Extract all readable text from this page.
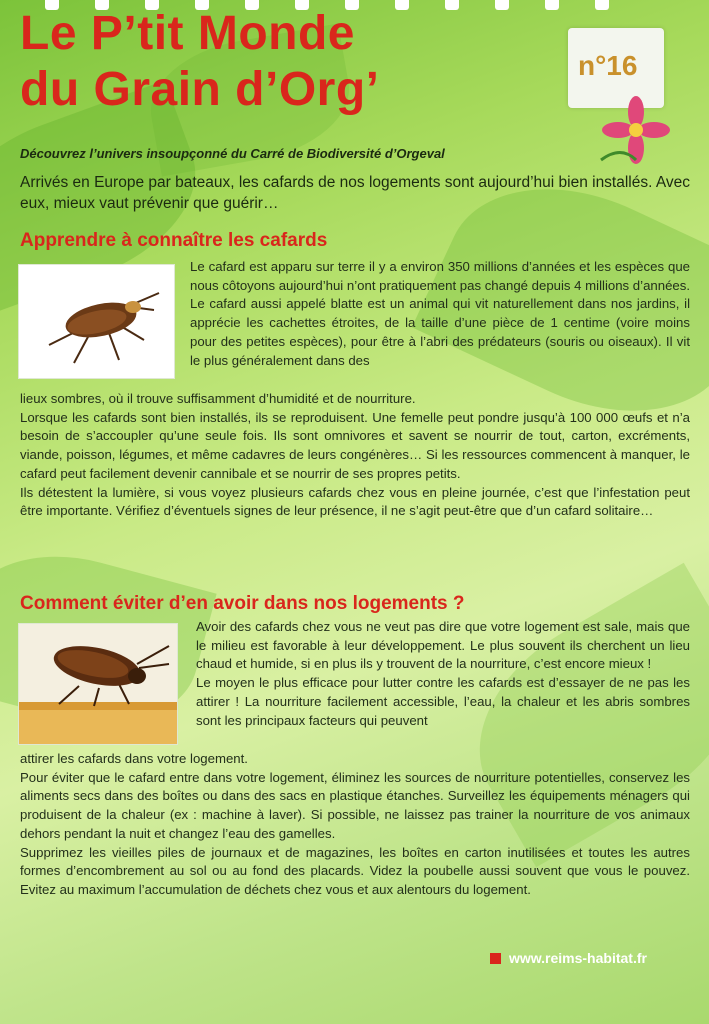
Le P’tit Monde
du Grain d’Org’	n°16
Découvrez l’univers insoupçonné du Carré de Biodiversité d’Orgeval
Arrivés en Europe par bateaux, les cafards de nos logements sont aujourd’hui bien installés. Avec eux, mieux vaut prévenir que guérir…
Apprendre à connaître les cafards

Le cafard est apparu sur terre il y a environ 350 millions d’années et les espèces que nous côtoyons aujourd’hui n’ont pratiquement pas changé depuis 4 millions d’années.

Le cafard aussi appelé blatte est un animal qui vit naturellement dans nos jardins, il apprécie les cachettes étroites, de la taille d’une pièce de 1 centime (voire moins pour des petites espèces), pour être à l’abri des prédateurs (souris ou oiseaux). Il vit le plus généralement dans des

lieux sombres, où il trouve suffisamment d’humidité et de nourriture.

Lorsque les cafards sont bien installés, ils se reproduisent. Une femelle peut pondre jusqu’à 100 000 œufs et n’a besoin de s’accoupler qu’une seule fois. Ils sont omnivores et savent se nourrir de tout, carton, excréments, viande, poisson, légumes, et même cadavres de leurs congénères… Si les ressources commencent à manquer, le cafard peut facilement devenir cannibale et se nourrir de ses propres petits.

Ils détestent la lumière, si vous voyez plusieurs cafards chez vous en pleine journée, c’est que l’infestation peut être importante. Vérifiez d’éventuels signes de leur présence, il ne s’agit peut-être que d’un cafard solitaire…

Comment éviter d’en avoir dans nos logements ?

Avoir des cafards chez vous ne veut pas dire que votre logement est sale, mais que le milieu est favorable à leur développement. Le plus souvent ils cherchent un lieu chaud et humide, si en plus ils y trouvent de la nourriture, c’est encore mieux !

Le moyen le plus efficace pour lutter contre les cafards est d’essayer de ne pas les attirer ! La nourriture facilement accessible, l’eau, la chaleur et les abris sombres sont les principaux facteurs qui peuvent

attirer les cafards dans votre logement.

Pour éviter que le cafard entre dans votre logement, éliminez les sources de nourriture potentielles, conservez les aliments secs dans des boîtes ou dans des sacs en plastique étanches. Surveillez les équipements ménagers qui produisent de la chaleur (ex : machine à laver). Si possible, ne laissez pas trainer la nourriture de vos animaux dehors pendant la nuit et changez l’eau des gamelles.

Supprimez les vieilles piles de journaux et de magazines, les boîtes en carton inutilisées et toutes les autres formes d’encombrement au sol ou au fond des placards. Videz la poubelle aussi souvent que vous le pouvez. Evitez au maximum l’accumulation de déchets chez vous et aux alentours du logement.

www.reims-habitat.fr
